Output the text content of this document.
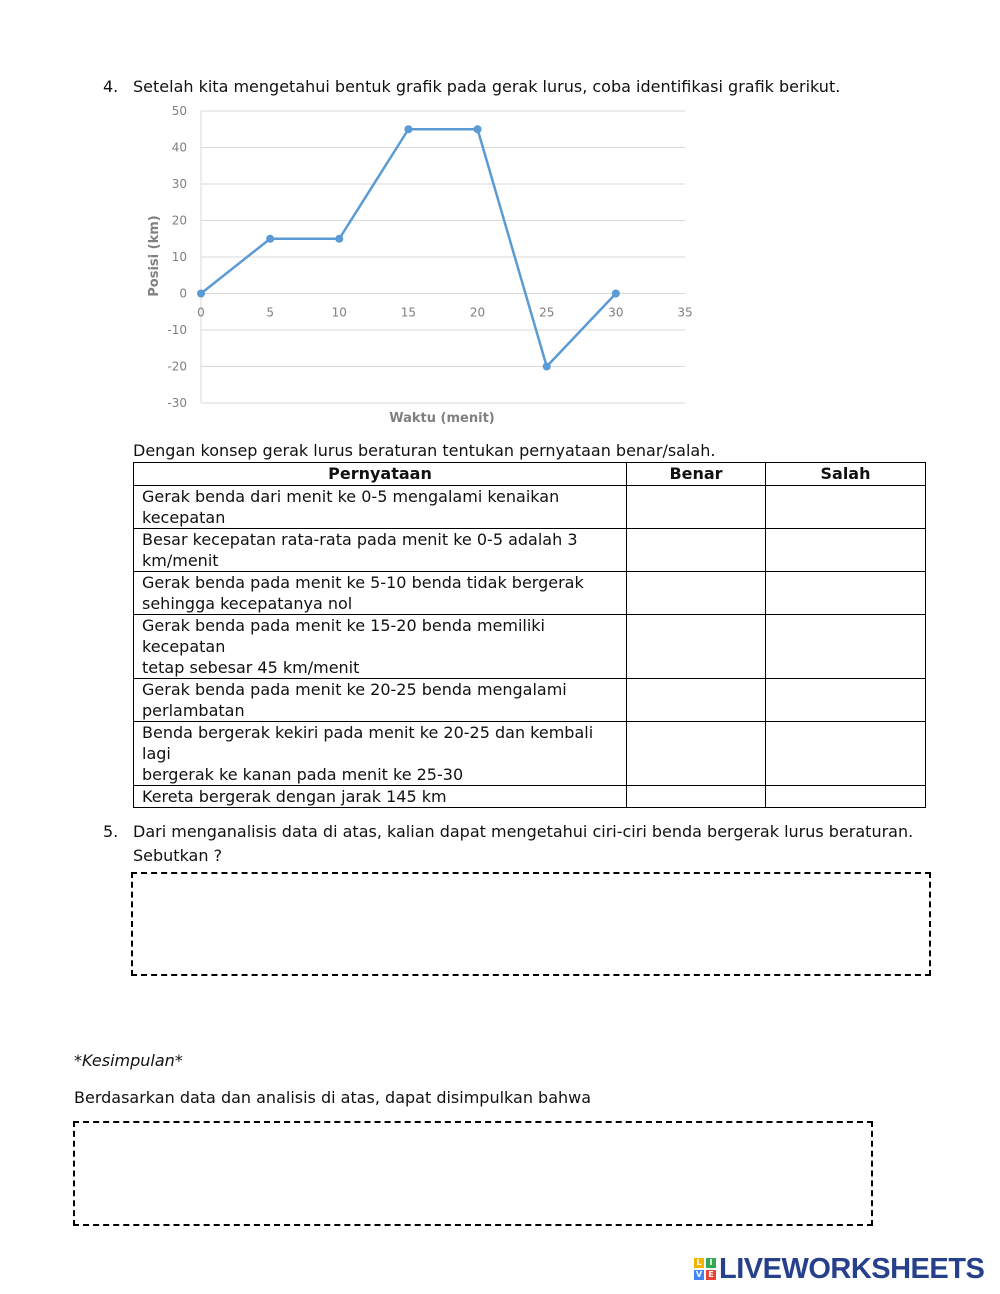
4. Setelah kita mengetahui bentuk grafik pada gerak lurus, coba identifikasi grafik berikut.
50
40
30
20
10
0
-10
-20
-30
0	5	10	15	20	25	30	35
Posisi (km)
Waktu (menit)
Dengan konsep gerak lurus beraturan tentukan pernyataan benar/salah.
Pernyataan	Benar	Salah

Gerak benda dari menit ke 0-5 mengalami kenaikan
kecepatan		

Besar kecepatan rata-rata pada menit ke 0-5 adalah 3
km/menit		

Gerak benda pada menit ke 5-10 benda tidak bergerak
sehingga kecepatanya nol		

Gerak benda pada menit ke 15-20 benda memiliki kecepatan
tetap sebesar 45 km/menit		

Gerak benda pada menit ke 20-25 benda mengalami
perlambatan		

Benda bergerak kekiri pada menit ke 20-25 dan kembali lagi
bergerak ke kanan pada menit ke 25-30		

Kereta bergerak dengan jarak 145 km		

5. Dari menganalisis data di atas, kalian dapat mengetahui ciri-ciri benda bergerak lurus beraturan.
Sebutkan ?
*Kesimpulan*
Berdasarkan data dan analisis di atas, dapat disimpulkan bahwa
L I
V E LIVEWORKSHEETS
